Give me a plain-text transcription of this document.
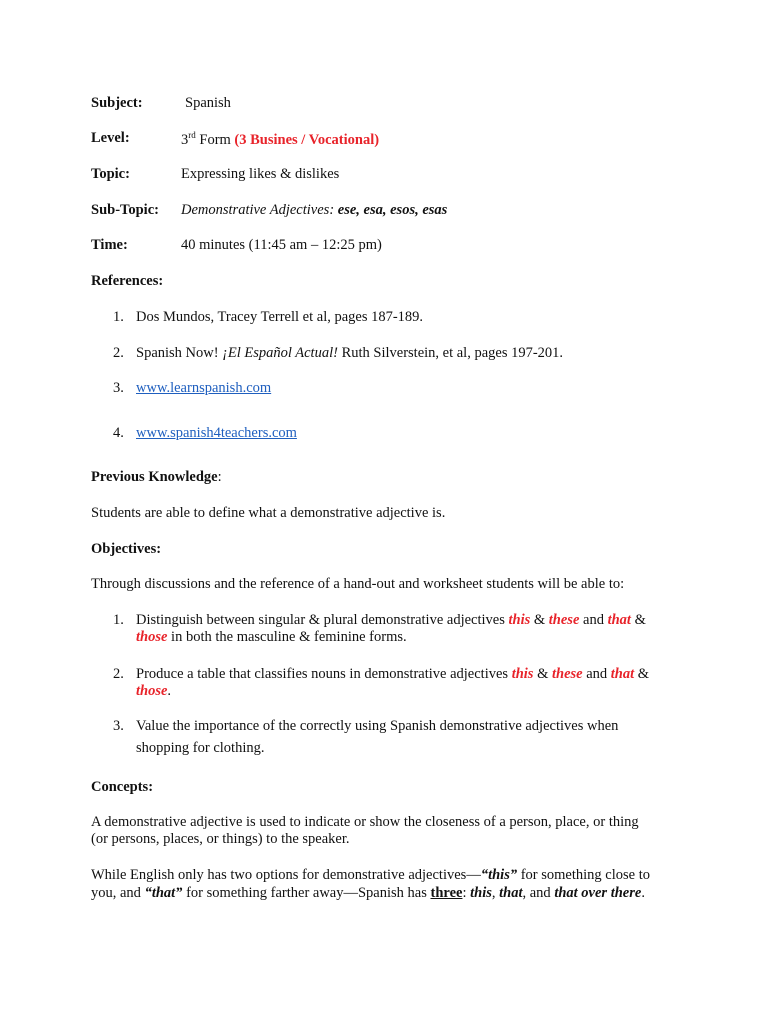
Subject:	Spanish
Level:	3rd Form (3 Busines / Vocational)
Topic:	Expressing likes & dislikes
Sub-Topic: Demonstrative Adjectives: ese, esa, esos, esas
Time:	40 minutes (11:45 am – 12:25 pm)
References:
1. Dos Mundos, Tracey Terrell et al, pages 187-189.
2. Spanish Now! ¡El Español Actual! Ruth Silverstein, et al, pages 197-201.
3. www.learnspanish.com
4. www.spanish4teachers.com
Previous Knowledge:
Students are able to define what a demonstrative adjective is.
Objectives:
Through discussions and the reference of a hand-out and worksheet students will be able to:
1. Distinguish between singular & plural demonstrative adjectives this & these and that &
those in both the masculine & feminine forms.
2. Produce a table that classifies nouns in demonstrative adjectives this & these and that &
those.
3. Value the importance of the correctly using Spanish demonstrative adjectives when
shopping for clothing.
Concepts:
A demonstrative adjective is used to indicate or show the closeness of a person, place, or thing
(or persons, places, or things) to the speaker.
While English only has two options for demonstrative adjectives—“this” for something close to
you, and “that” for something farther away—Spanish has three: this, that, and that over there.
